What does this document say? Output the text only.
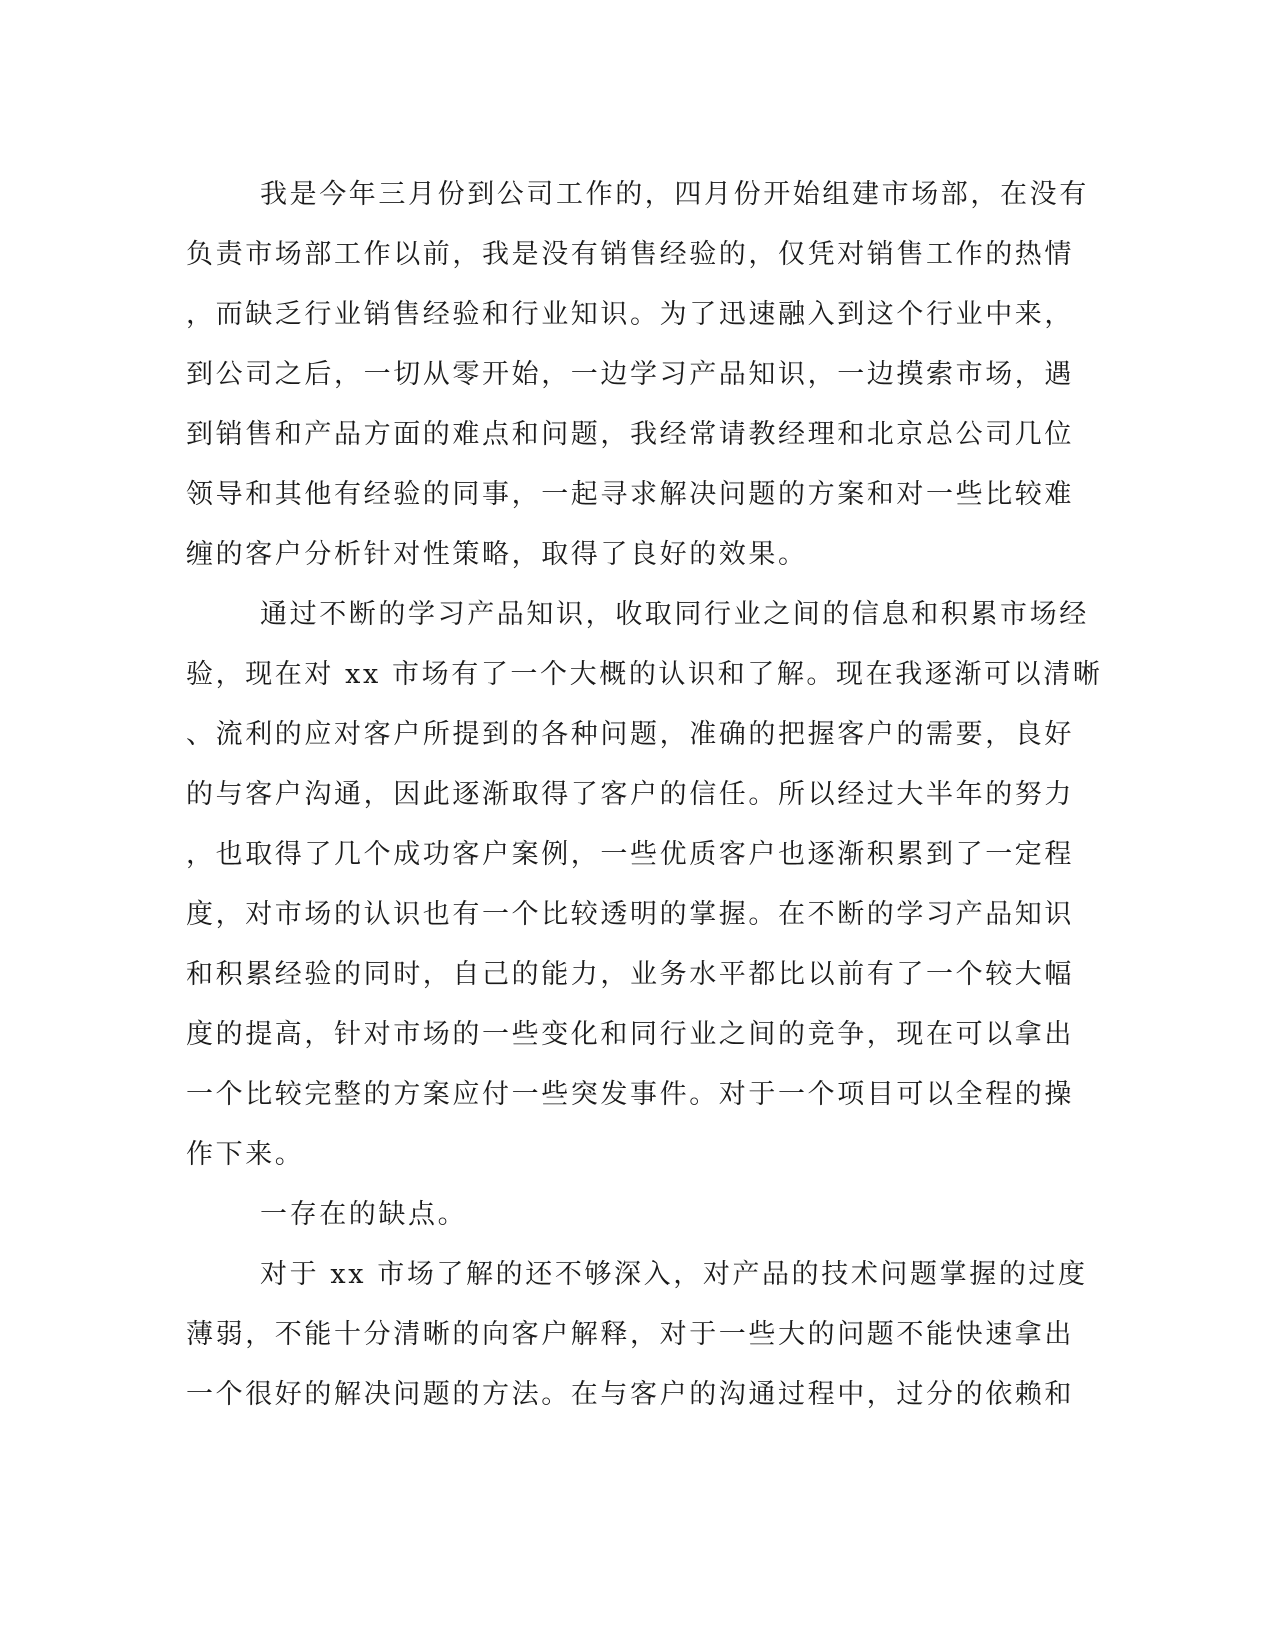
我是今年三月份到公司工作的，四月份开始组建市场部，在没有
负责市场部工作以前，我是没有销售经验的，仅凭对销售工作的热情
，而缺乏行业销售经验和行业知识。为了迅速融入到这个行业中来，
到公司之后，一切从零开始，一边学习产品知识，一边摸索市场，遇
到销售和产品方面的难点和问题，我经常请教经理和北京总公司几位
领导和其他有经验的同事，一起寻求解决问题的方案和对一些比较难
缠的客户分析针对性策略，取得了良好的效果。
通过不断的学习产品知识，收取同行业之间的信息和积累市场经
验，现在对 xx 市场有了一个大概的认识和了解。现在我逐渐可以清晰
、流利的应对客户所提到的各种问题，准确的把握客户的需要，良好
的与客户沟通，因此逐渐取得了客户的信任。所以经过大半年的努力
，也取得了几个成功客户案例，一些优质客户也逐渐积累到了一定程
度，对市场的认识也有一个比较透明的掌握。在不断的学习产品知识
和积累经验的同时，自己的能力，业务水平都比以前有了一个较大幅
度的提高，针对市场的一些变化和同行业之间的竞争，现在可以拿出
一个比较完整的方案应付一些突发事件。对于一个项目可以全程的操
作下来。
一存在的缺点。
对于 xx 市场了解的还不够深入，对产品的技术问题掌握的过度
薄弱，不能十分清晰的向客户解释，对于一些大的问题不能快速拿出
一个很好的解决问题的方法。在与客户的沟通过程中，过分的依赖和
